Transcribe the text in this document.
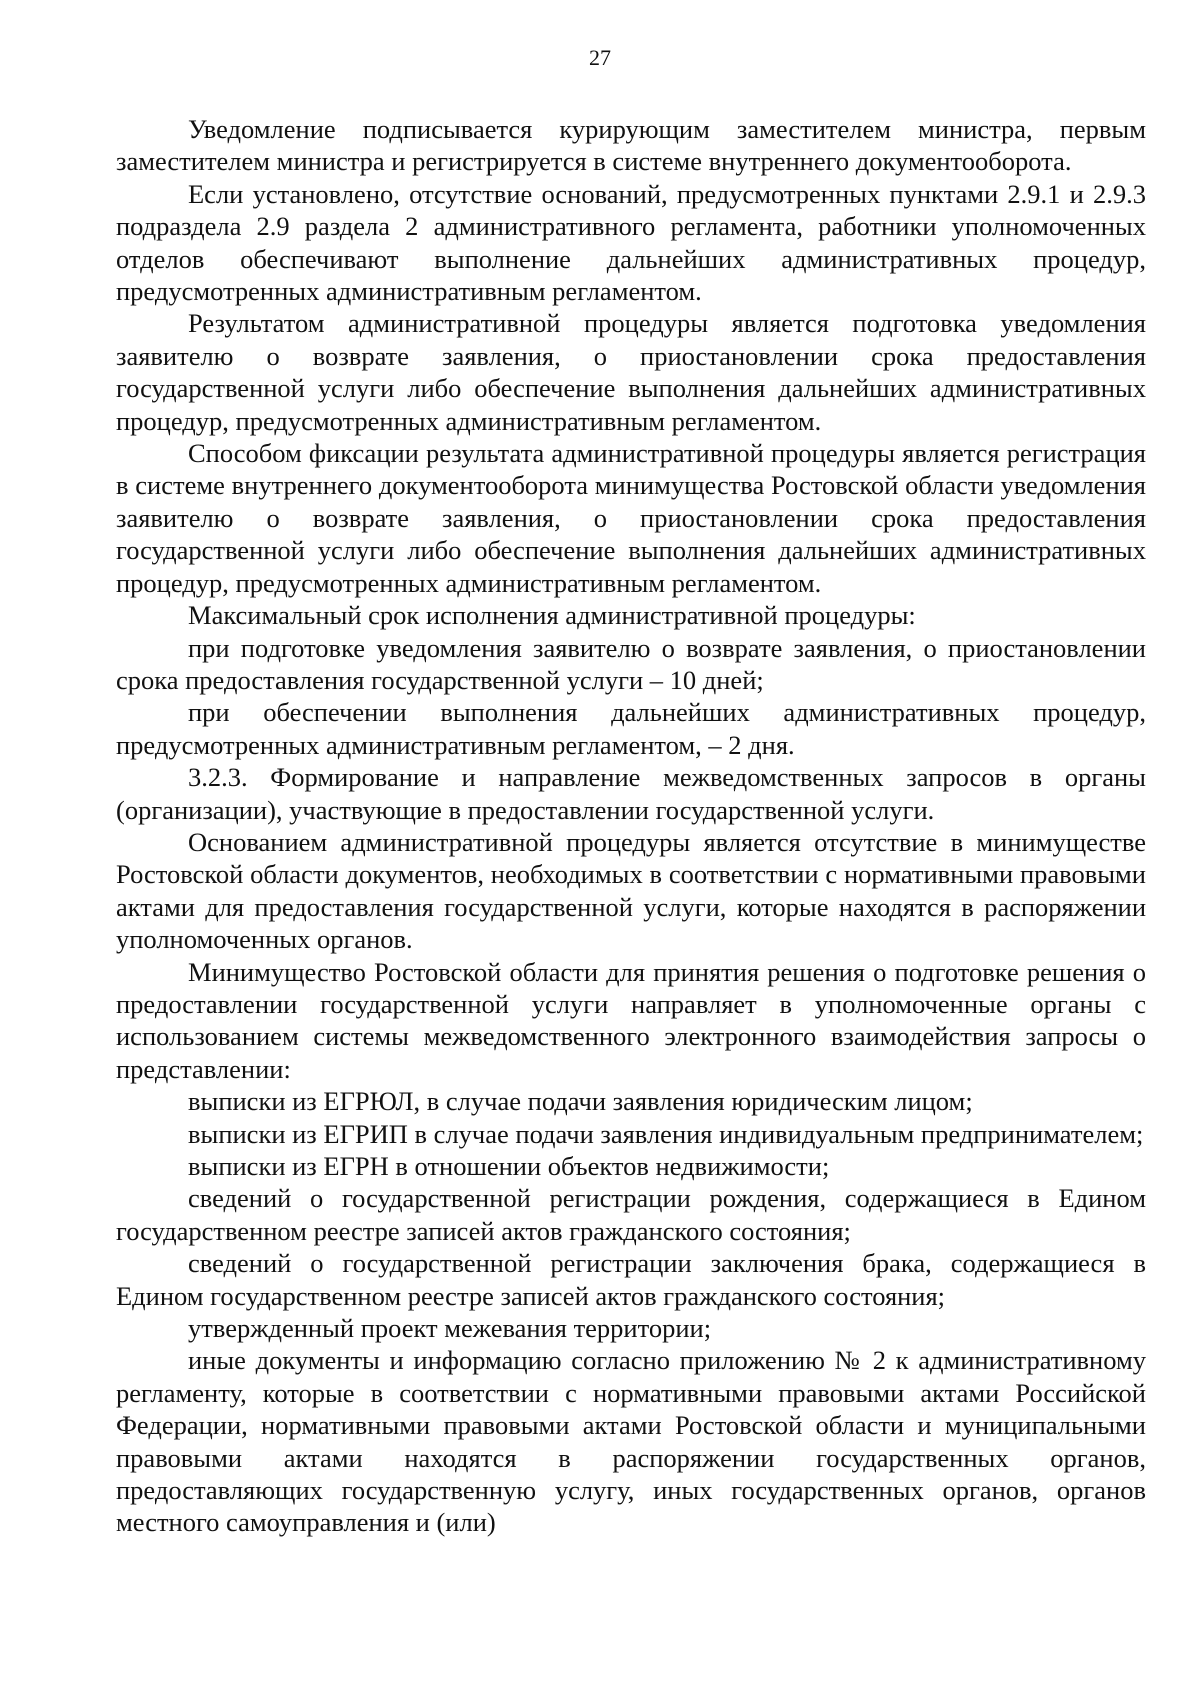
27

Уведомление подписывается курирующим заместителем министра, первым заместителем министра и регистрируется в системе внутреннего документооборота.

Если установлено, отсутствие оснований, предусмотренных пунктами 2.9.1 и 2.9.3 подраздела 2.9 раздела 2 административного регламента, работники уполномоченных отделов обеспечивают выполнение дальнейших административных процедур, предусмотренных административным регламентом.

Результатом административной процедуры является подготовка уведомления заявителю о возврате заявления, о приостановлении срока предоставления государственной услуги либо обеспечение выполнения дальнейших административных процедур, предусмотренных административным регламентом.

Способом фиксации результата административной процедуры является регистрация в системе внутреннего документооборота минимущества Ростовской области уведомления заявителю о возврате заявления, о приостановлении срока предоставления государственной услуги либо обеспечение выполнения дальнейших административных процедур, предусмотренных административным регламентом.

Максимальный срок исполнения административной процедуры:

при подготовке уведомления заявителю о возврате заявления, о приостановлении срока предоставления государственной услуги – 10 дней;

при обеспечении выполнения дальнейших административных процедур, предусмотренных административным регламентом, – 2 дня.

3.2.3. Формирование и направление межведомственных запросов в органы (организации), участвующие в предоставлении государственной услуги.

Основанием административной процедуры является отсутствие в минимуществе Ростовской области документов, необходимых в соответствии с нормативными правовыми актами для предоставления государственной услуги, которые находятся в распоряжении уполномоченных органов.

Минимущество Ростовской области для принятия решения о подготовке решения о предоставлении государственной услуги направляет в уполномоченные органы с использованием системы межведомственного электронного взаимодействия запросы о представлении:

выписки из ЕГРЮЛ, в случае подачи заявления юридическим лицом;

выписки из ЕГРИП в случае подачи заявления индивидуальным предпринимателем;

выписки из ЕГРН в отношении объектов недвижимости;

сведений о государственной регистрации рождения, содержащиеся в Едином государственном реестре записей актов гражданского состояния;

сведений о государственной регистрации заключения брака, содержащиеся в Едином государственном реестре записей актов гражданского состояния;

утвержденный проект межевания территории;

иные документы и информацию согласно приложению № 2 к административному регламенту, которые в соответствии с нормативными правовыми актами Российской Федерации, нормативными правовыми актами Ростовской области и муниципальными правовыми актами находятся в распоряжении государственных органов, предоставляющих государственную услугу, иных государственных органов, органов местного самоуправления и (или)
